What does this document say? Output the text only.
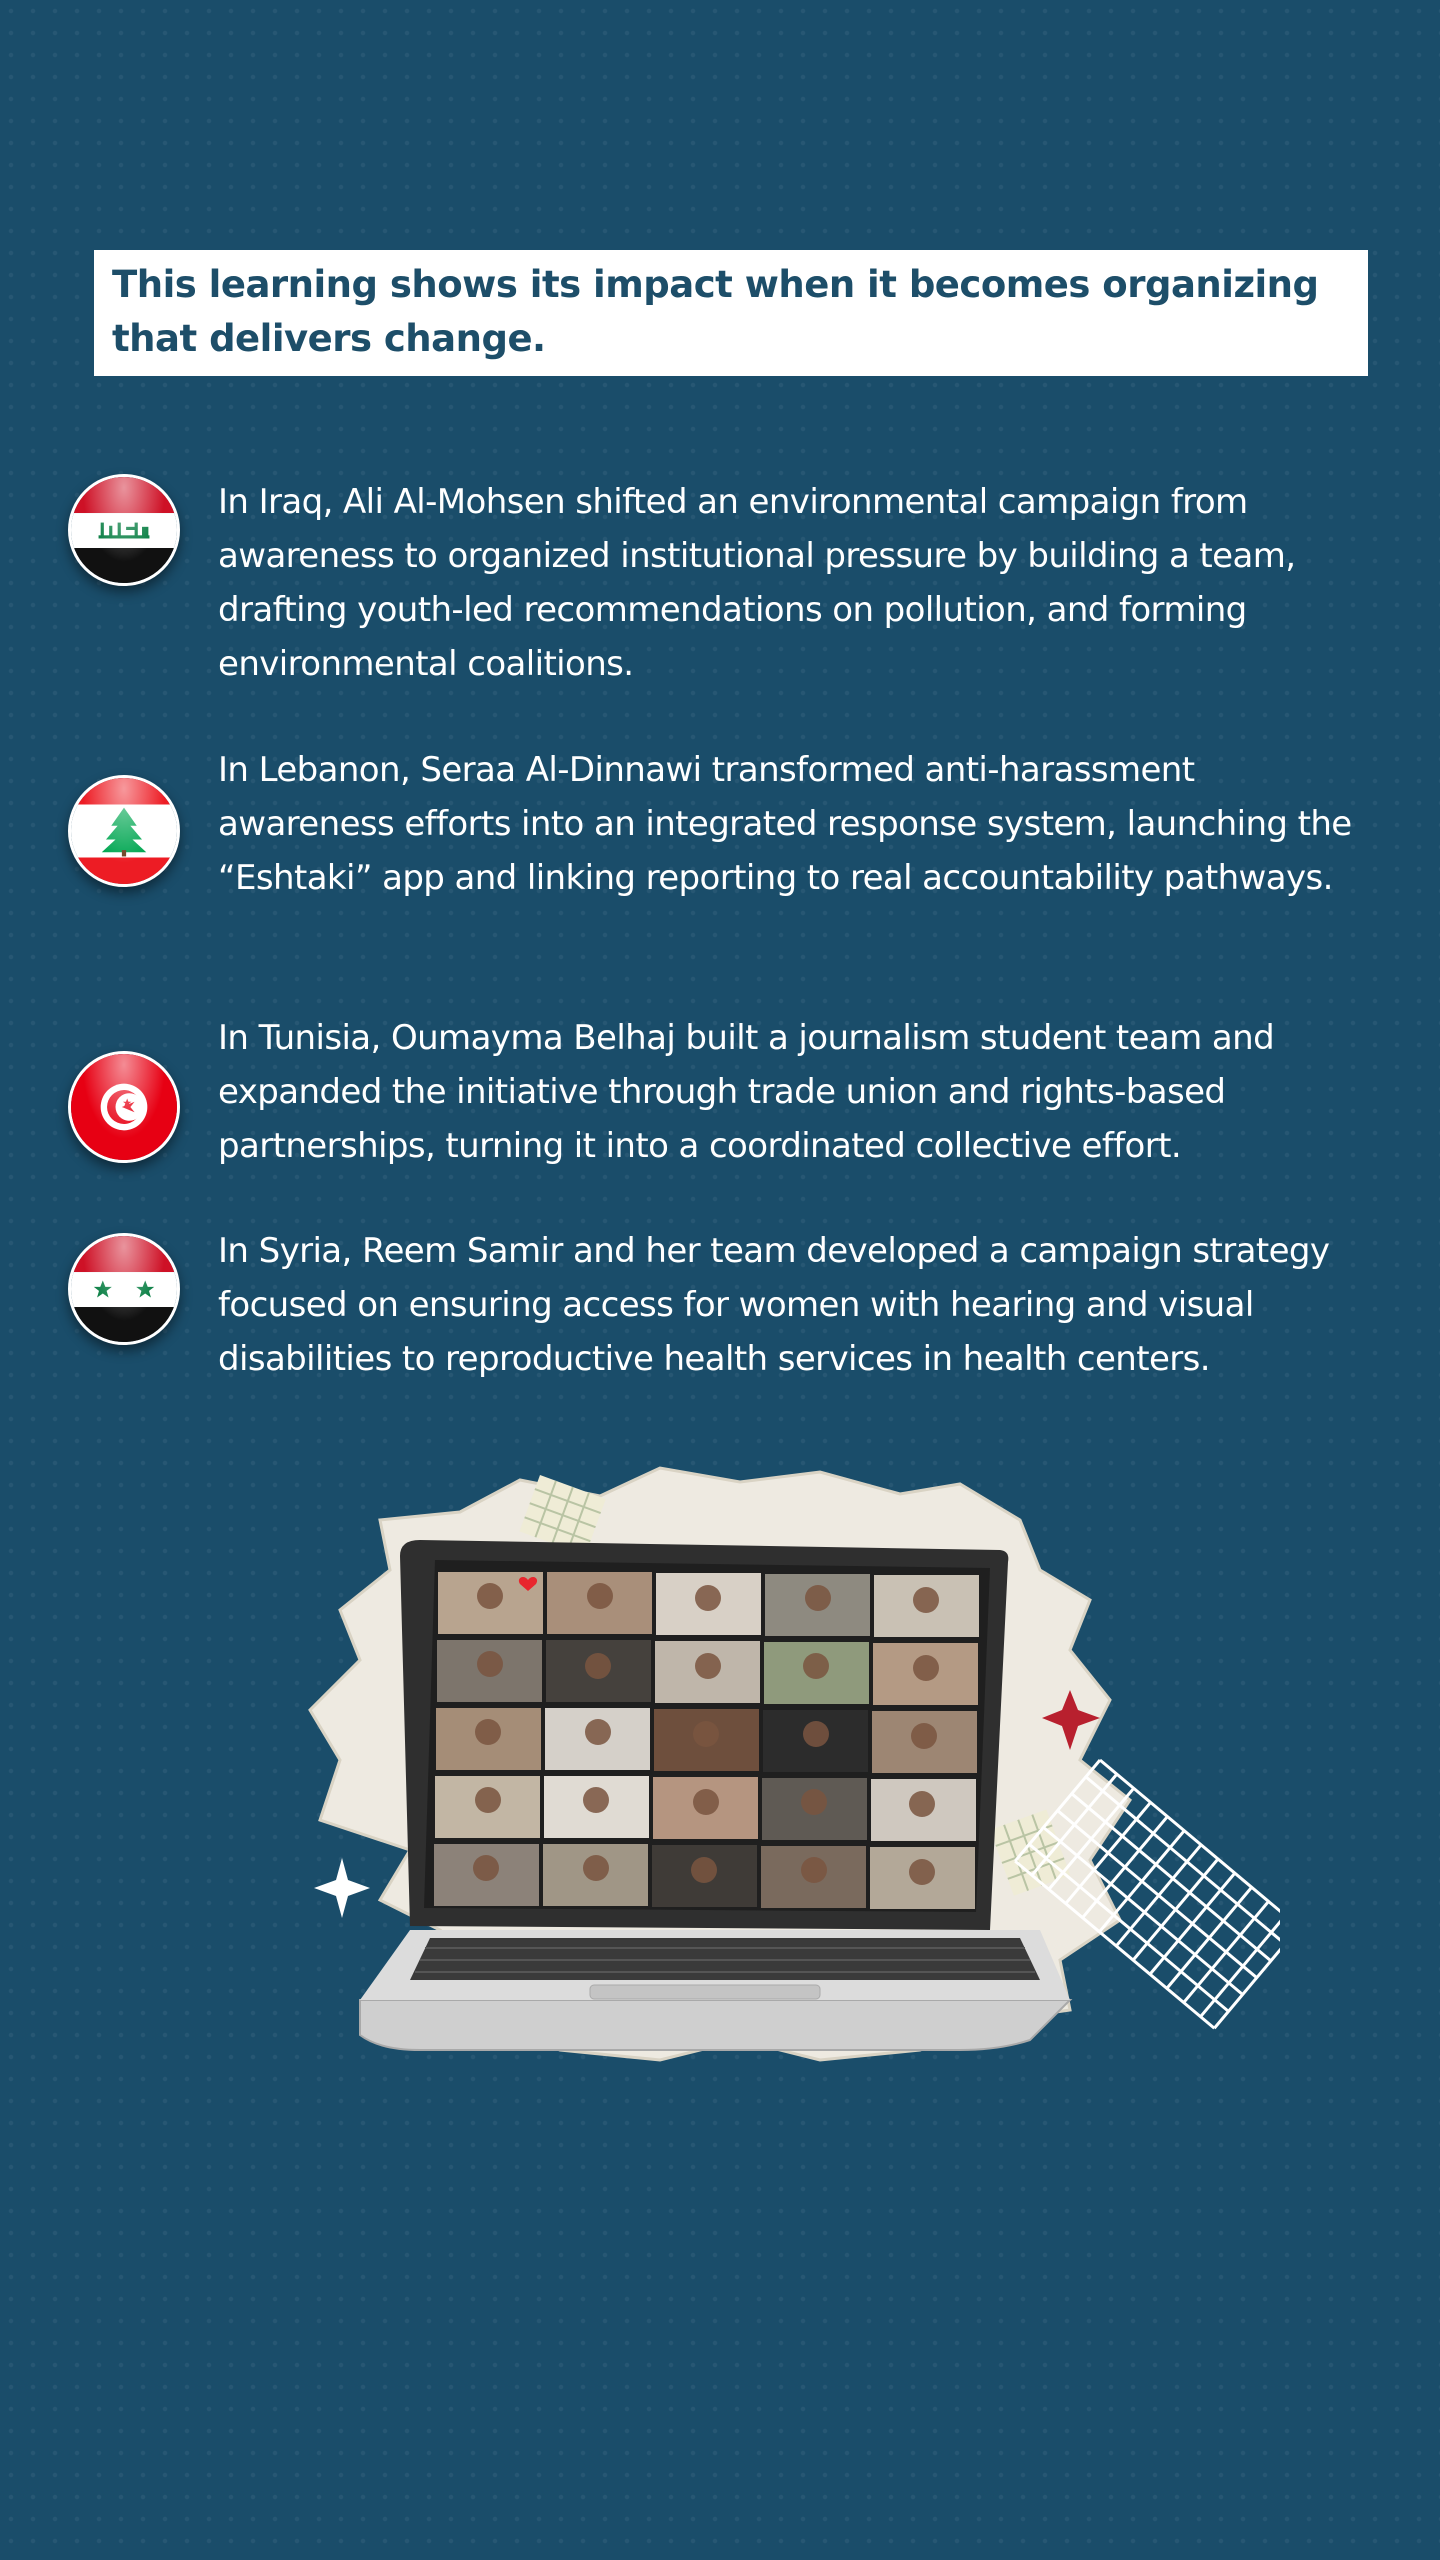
This learning shows its impact when it becomes organizing that delivers change.

In Iraq, Ali Al-Mohsen shifted an environmental campaign from awareness to organized institutional pressure by building a team, drafting youth-led recommendations on pollution, and forming environmental coalitions.

In Lebanon, Seraa Al-Dinnawi transformed anti-harassment awareness efforts into an integrated response system, launching the “Eshtaki” app and linking reporting to real accountability pathways.

In Tunisia, Oumayma Belhaj built a journalism student team and expanded the initiative through trade union and rights-based partnerships, turning it into a coordinated collective effort.

In Syria, Reem Samir and her team developed a campaign strategy focused on ensuring access for women with hearing and visual disabilities to reproductive health services in health centers.
